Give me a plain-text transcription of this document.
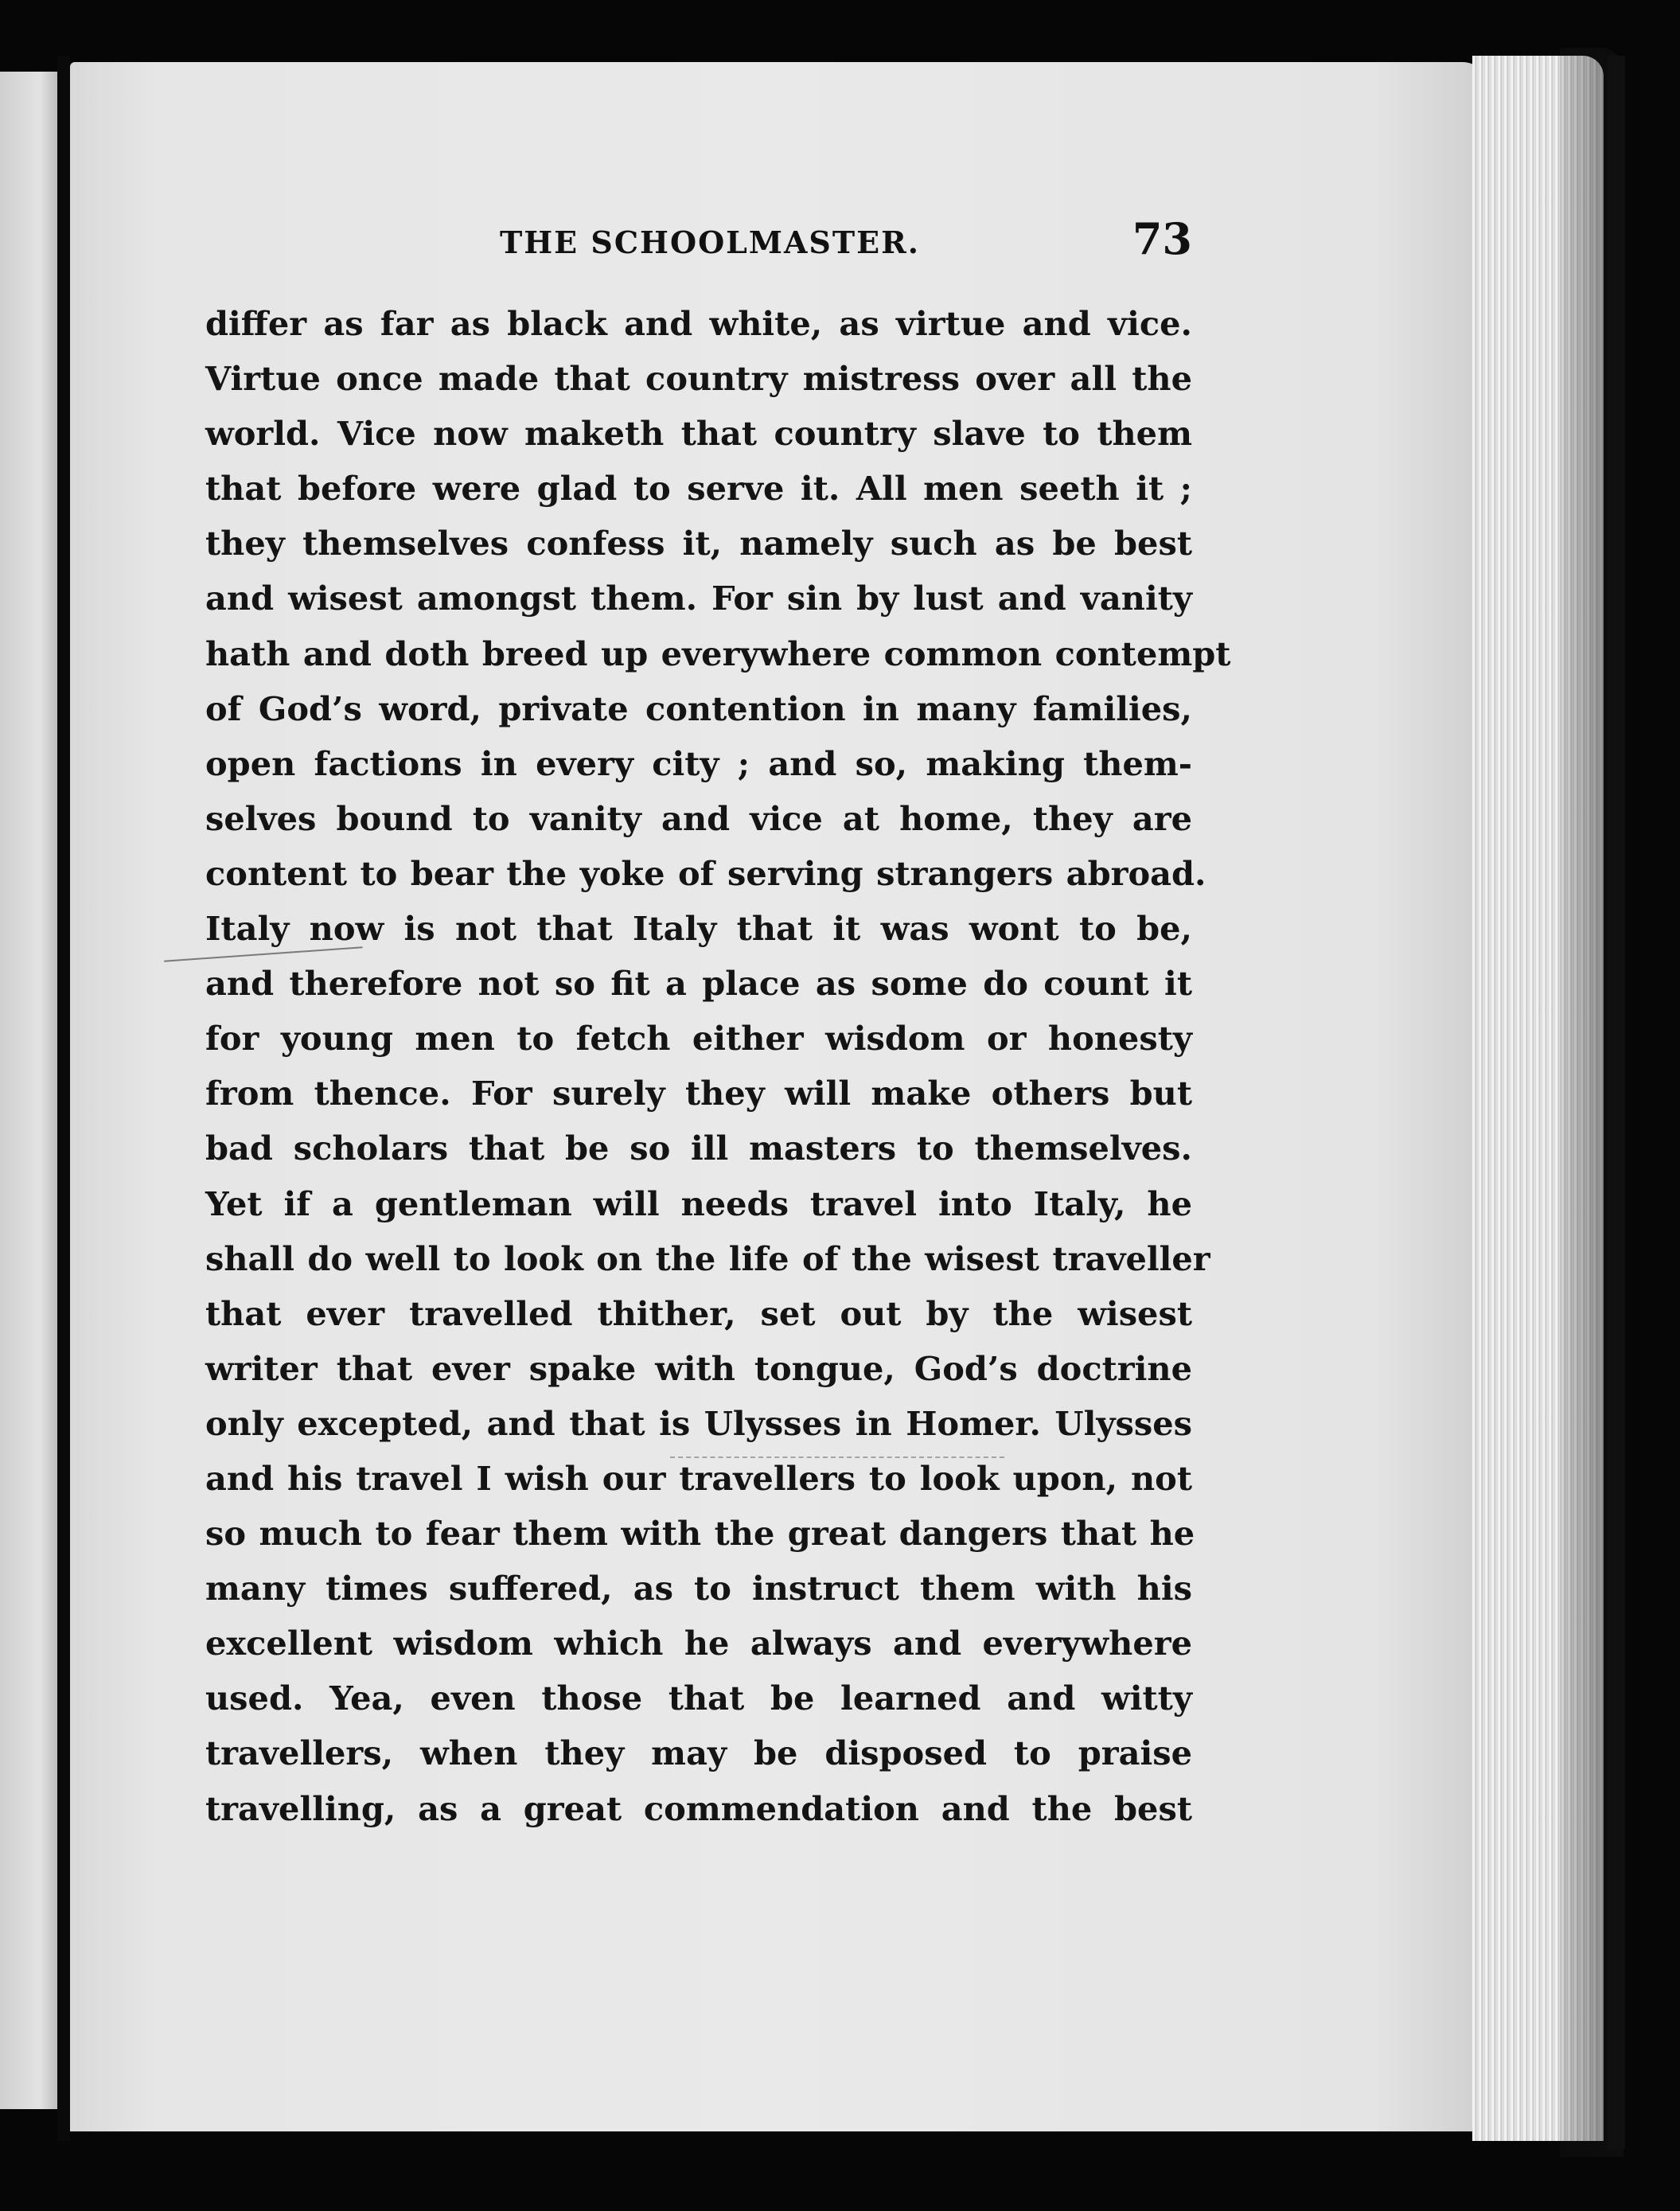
THE SCHOOLMASTER.	73
differ as far as black and white, as virtue and vice.
Virtue once made that country mistress over all the
world. Vice now maketh that country slave to them
that before were glad to serve it. All men seeth it ;
they themselves confess it, namely such as be best
and wisest amongst them. For sin by lust and vanity
hath and doth breed up everywhere common contempt
of God’s word, private contention in many families,
open factions in every city ; and so, making them-
selves bound to vanity and vice at home, they are
content to bear the yoke of serving strangers abroad.
Italy now is not that Italy that it was wont to be,
and therefore not so fit a place as some do count it
for young men to fetch either wisdom or honesty
from thence. For surely they will make others but
bad scholars that be so ill masters to themselves.
Yet if a gentleman will needs travel into Italy, he
shall do well to look on the life of the wisest traveller
that ever travelled thither, set out by the wisest
writer that ever spake with tongue, God’s doctrine
only excepted, and that is Ulysses in Homer. Ulysses
and his travel I wish our travellers to look upon, not
so much to fear them with the great dangers that he
many times suffered, as to instruct them with his
excellent wisdom which he always and everywhere
used. Yea, even those that be learned and witty
travellers, when they may be disposed to praise
travelling, as a great commendation and the best
